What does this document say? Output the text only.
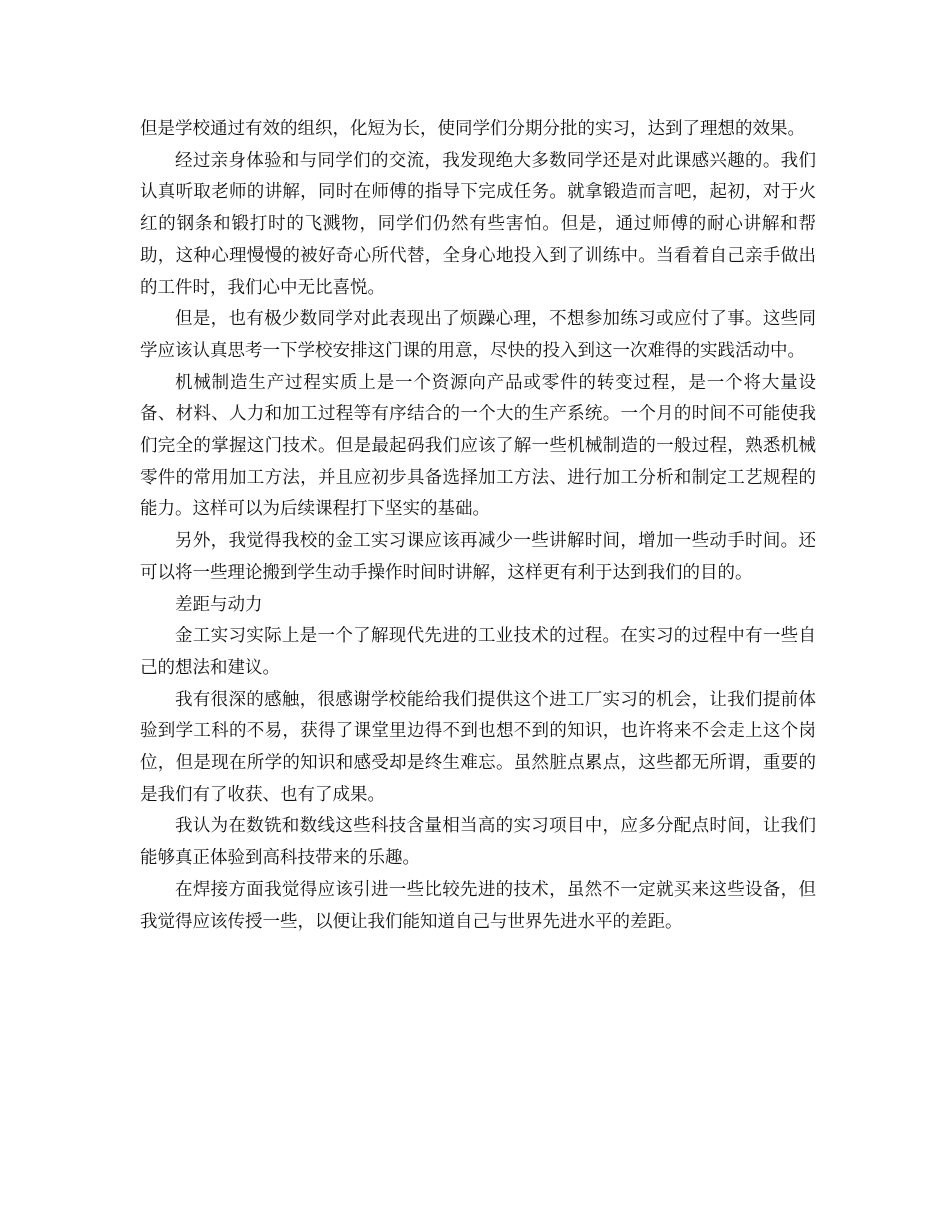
但是学校通过有效的组织，化短为长，使同学们分期分批的实习，达到了理想的效果。

经过亲身体验和与同学们的交流，我发现绝大多数同学还是对此课感兴趣的。我们认真听取老师的讲解，同时在师傅的指导下完成任务。就拿锻造而言吧，起初，对于火红的钢条和锻打时的飞溅物，同学们仍然有些害怕。但是，通过师傅的耐心讲解和帮助，这种心理慢慢的被好奇心所代替，全身心地投入到了训练中。当看着自己亲手做出的工件时，我们心中无比喜悦。

但是，也有极少数同学对此表现出了烦躁心理，不想参加练习或应付了事。这些同学应该认真思考一下学校安排这门课的用意，尽快的投入到这一次难得的实践活动中。

机械制造生产过程实质上是一个资源向产品或零件的转变过程，是一个将大量设备、材料、人力和加工过程等有序结合的一个大的生产系统。一个月的时间不可能使我们完全的掌握这门技术。但是最起码我们应该了解一些机械制造的一般过程，熟悉机械零件的常用加工方法，并且应初步具备选择加工方法、进行加工分析和制定工艺规程的能力。这样可以为后续课程打下坚实的基础。

另外，我觉得我校的金工实习课应该再减少一些讲解时间，增加一些动手时间。还可以将一些理论搬到学生动手操作时间时讲解，这样更有利于达到我们的目的。

差距与动力

金工实习实际上是一个了解现代先进的工业技术的过程。在实习的过程中有一些自己的想法和建议。

我有很深的感触，很感谢学校能给我们提供这个进工厂实习的机会，让我们提前体验到学工科的不易，获得了课堂里边得不到也想不到的知识，也许将来不会走上这个岗位，但是现在所学的知识和感受却是终生难忘。虽然脏点累点，这些都无所谓，重要的是我们有了收获、也有了成果。

我认为在数铣和数线这些科技含量相当高的实习项目中，应多分配点时间，让我们能够真正体验到高科技带来的乐趣。

在焊接方面我觉得应该引进一些比较先进的技术，虽然不一定就买来这些设备，但我觉得应该传授一些，以便让我们能知道自己与世界先进水平的差距。
